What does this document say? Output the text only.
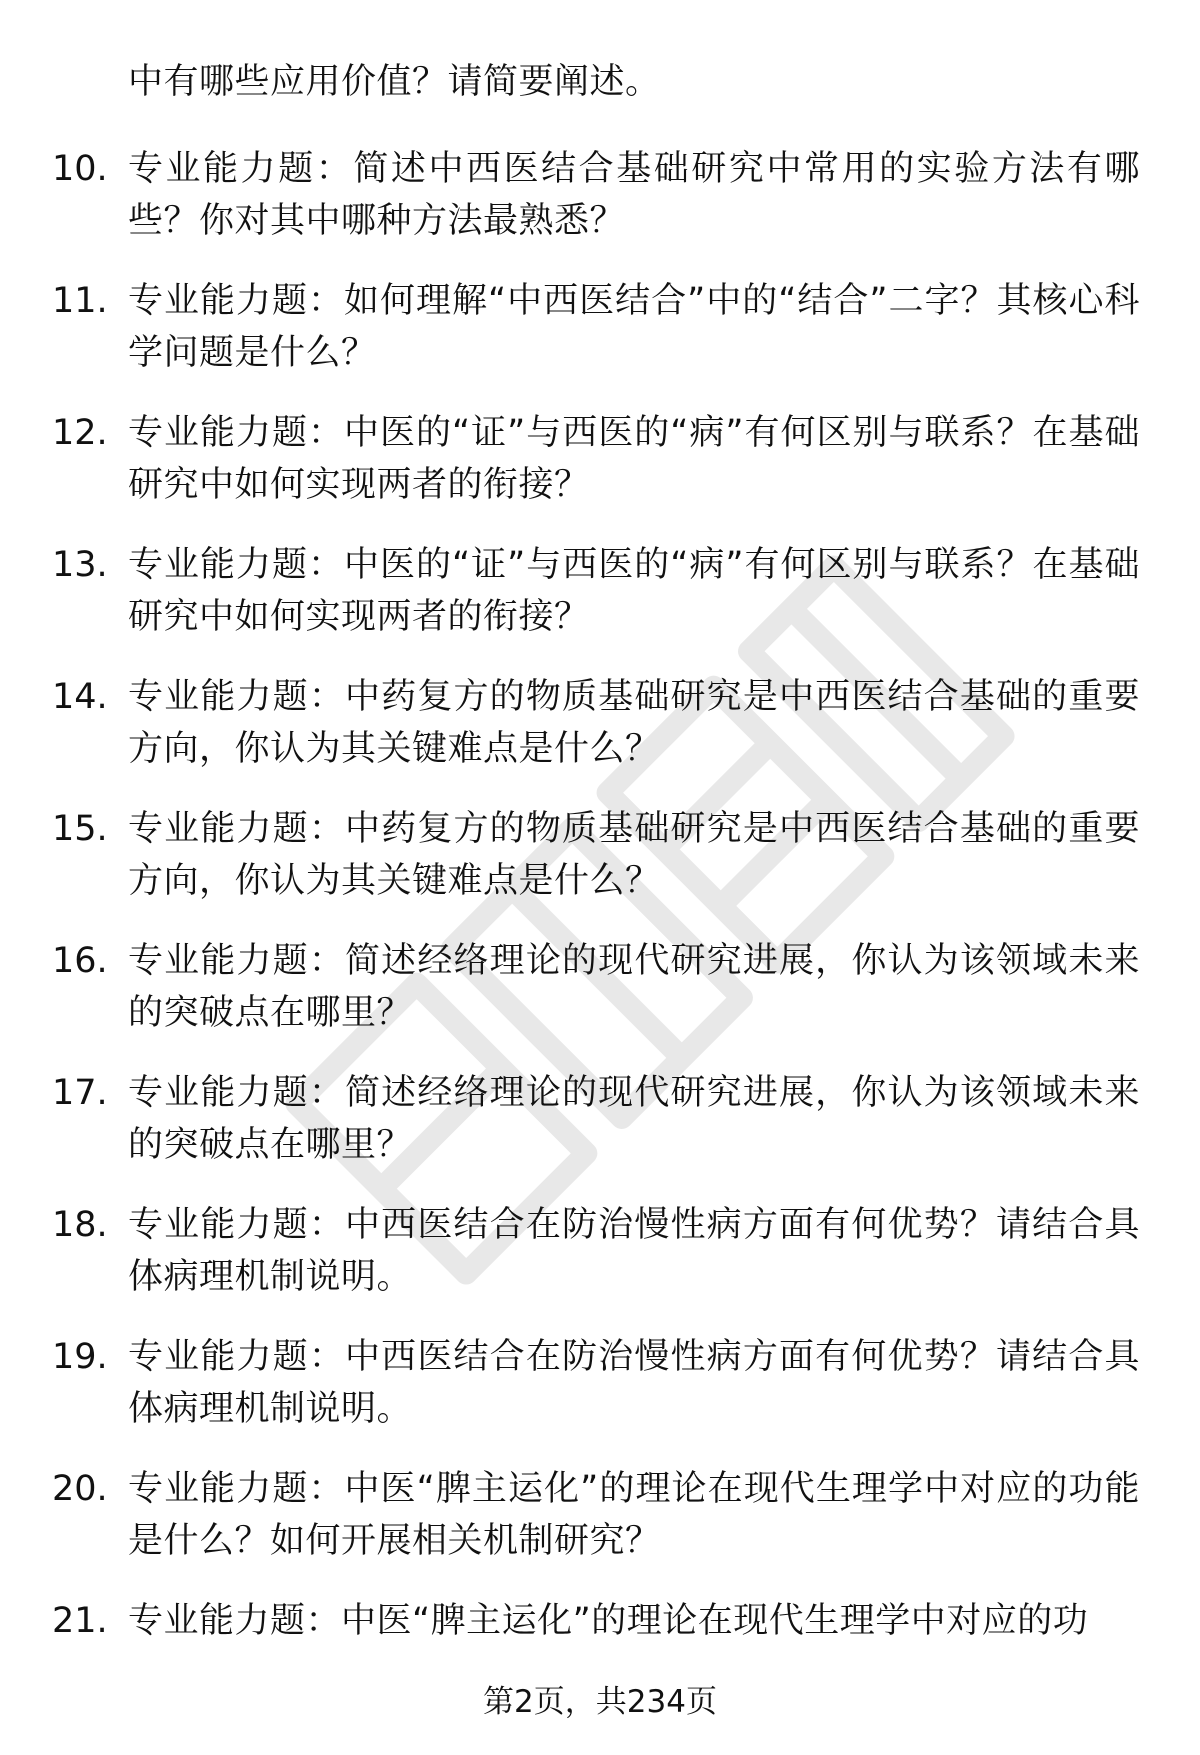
中有哪些应用价值？请简要阐述。
10. 专业能力题：简述中西医结合基础研究中常用的实验方法有哪些？你对其中哪种方法最熟悉？
11. 专业能力题：如何理解“中西医结合”中的“结合”二字？其核心科学问题是什么？
12. 专业能力题：中医的“证”与西医的“病”有何区别与联系？在基础研究中如何实现两者的衔接？
13. 专业能力题：中医的“证”与西医的“病”有何区别与联系？在基础研究中如何实现两者的衔接？
14. 专业能力题：中药复方的物质基础研究是中西医结合基础的重要方向，你认为其关键难点是什么？
15. 专业能力题：中药复方的物质基础研究是中西医结合基础的重要方向，你认为其关键难点是什么？
16. 专业能力题：简述经络理论的现代研究进展，你认为该领域未来的突破点在哪里？
17. 专业能力题：简述经络理论的现代研究进展，你认为该领域未来的突破点在哪里？
18. 专业能力题：中西医结合在防治慢性病方面有何优势？请结合具体病理机制说明。
19. 专业能力题：中西医结合在防治慢性病方面有何优势？请结合具体病理机制说明。
20. 专业能力题：中医“脾主运化”的理论在现代生理学中对应的功能是什么？如何开展相关机制研究？
21. 专业能力题：中医“脾主运化”的理论在现代生理学中对应的功
第2页，共234页
